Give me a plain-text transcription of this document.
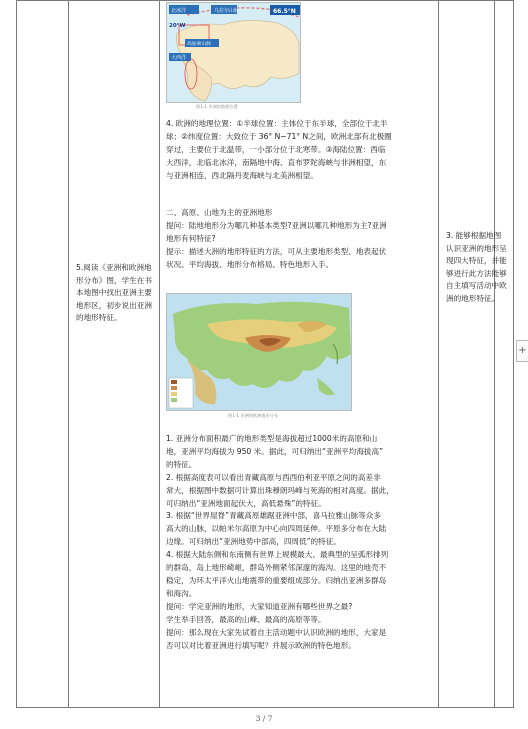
5.阅读《亚洲和欧洲地形分布》图，学生在书本地图中找出亚洲主要地形区，初步说出亚洲的地形特征。
3. 能够根据地图认识亚洲的地形呈现四大特征，并能够进行此方法能够自主填写活动中欧洲的地形特征。
北冰洋	乌拉尔山脉
高加索山脉
大西洋
66.5°N
20°W
图1-1 亚洲的地理位置

4. 欧洲的地理位置：①半球位置：主体位于东半球，全部位于北半

球；②纬度位置：大致位于 36° N~71° N之间，欧洲北部有北极圈

穿过，主要位于北温带，一小部分位于北寒带。③海陆位置：西临

大西洋，北临北冰洋，南隔地中海、直布罗陀海峡与非洲相望，东

与亚洲相连，西北隔丹麦海峡与北美洲相望。

二、高原、山地为主的亚洲地形

提问：陆地地形分为哪几种基本类型?亚洲以哪几种地形为主?亚洲

地形有何特征?

提示：描述大洲的地形特征的方法，可从主要地形类型、地表起伏

状况、平均海拔、地形分布格局、特色地形入手。

图1-1 亚洲和欧洲地形分布

1. 亚洲分布面积最广的地形类型是海拔超过1000米的高原和山

地，亚洲平均海拔为 950 米。据此，可归纳出“亚洲平均海拔高”

的特征。

2. 根据高度表可以看出青藏高原与西西伯利亚平原之间的高差非

常大，根据图中数据可计算出珠穆朗玛峰与死海的相对高度。据此，

可归纳出“亚洲地面起伏大，高低悬殊”的特征。

3. 根据“世界屋脊”青藏高原雄踞亚洲中部，喜马拉雅山脉等众多

高大的山脉，以帕米尔高原为中心向四周延伸。平原多分布在大陆

边缘。可归纳出“亚洲地势中部高，四周低”的特征。

4. 根据大陆东侧和东南侧有世界上规模最大、最典型的呈弧形排列

的群岛，岛上地形崎岖，群岛外侧紧邻深邃的海沟。这里的地壳不

稳定，为环太平洋火山地震带的重要组成部分。归纳出亚洲多群岛

和海沟。

提问：学完亚洲的地形，大家知道亚洲有哪些世界之最?

学生举手回答，最高的山峰、最高的高原等等。

提问：那么现在大家先试着自主活动题中认识欧洲的地形，大家是

否可以对比着亚洲进行填写呢？并展示欧洲的特色地形。

3 / 7
+
